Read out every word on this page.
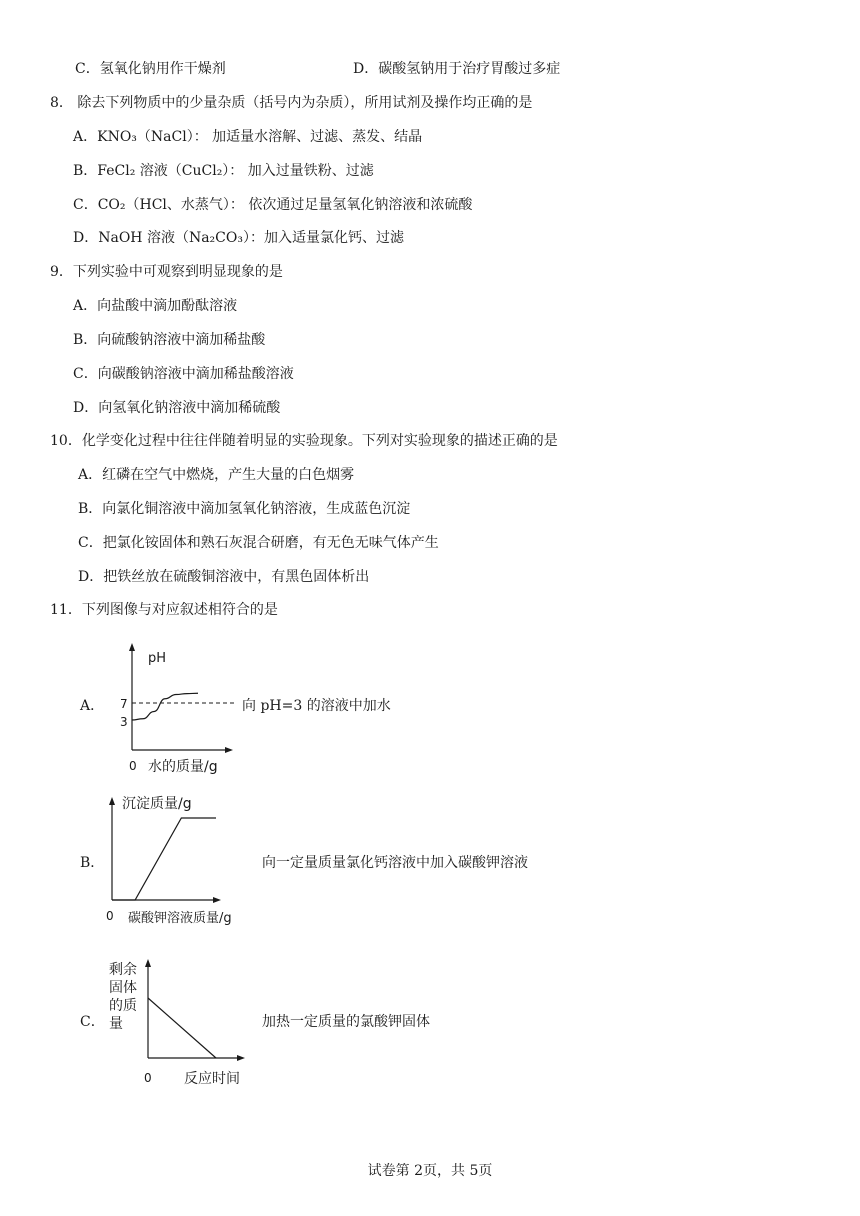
C．氢氧化钠用作干燥剂	D．碳酸氢钠用于治疗胃酸过多症
8． 除去下列物质中的少量杂质（括号内为杂质），所用试剂及操作均正确的是
A．KNO₃（NaCl）： 加适量水溶解、过滤、蒸发、结晶
B．FeCl₂ 溶液（CuCl₂）： 加入过量铁粉、过滤
C．CO₂（HCl、水蒸气）： 依次通过足量氢氧化钠溶液和浓硫酸
D．NaOH 溶液（Na₂CO₃）：加入适量氯化钙、过滤
9．下列实验中可观察到明显现象的是
A．向盐酸中滴加酚酞溶液
B．向硫酸钠溶液中滴加稀盐酸
C．向碳酸钠溶液中滴加稀盐酸溶液
D．向氢氧化钠溶液中滴加稀硫酸
10．化学变化过程中往往伴随着明显的实验现象。下列对实验现象的描述正确的是
A．红磷在空气中燃烧，产生大量的白色烟雾
B．向氯化铜溶液中滴加氢氧化钠溶液，生成蓝色沉淀
C．把氯化铵固体和熟石灰混合研磨，有无色无味气体产生
D．把铁丝放在硫酸铜溶液中，有黑色固体析出
11．下列图像与对应叙述相符合的是
A．	向 pH=3 的溶液中加水
pH
7
3
0 水的质量/g
B．	向一定量质量氯化钙溶液中加入碳酸钾溶液
沉淀质量/g
0 碳酸钾溶液质量/g
C．	加热一定质量的氯酸钾固体
剩余
固体
的质
量
0 反应时间
试卷第 2页，共 5页
